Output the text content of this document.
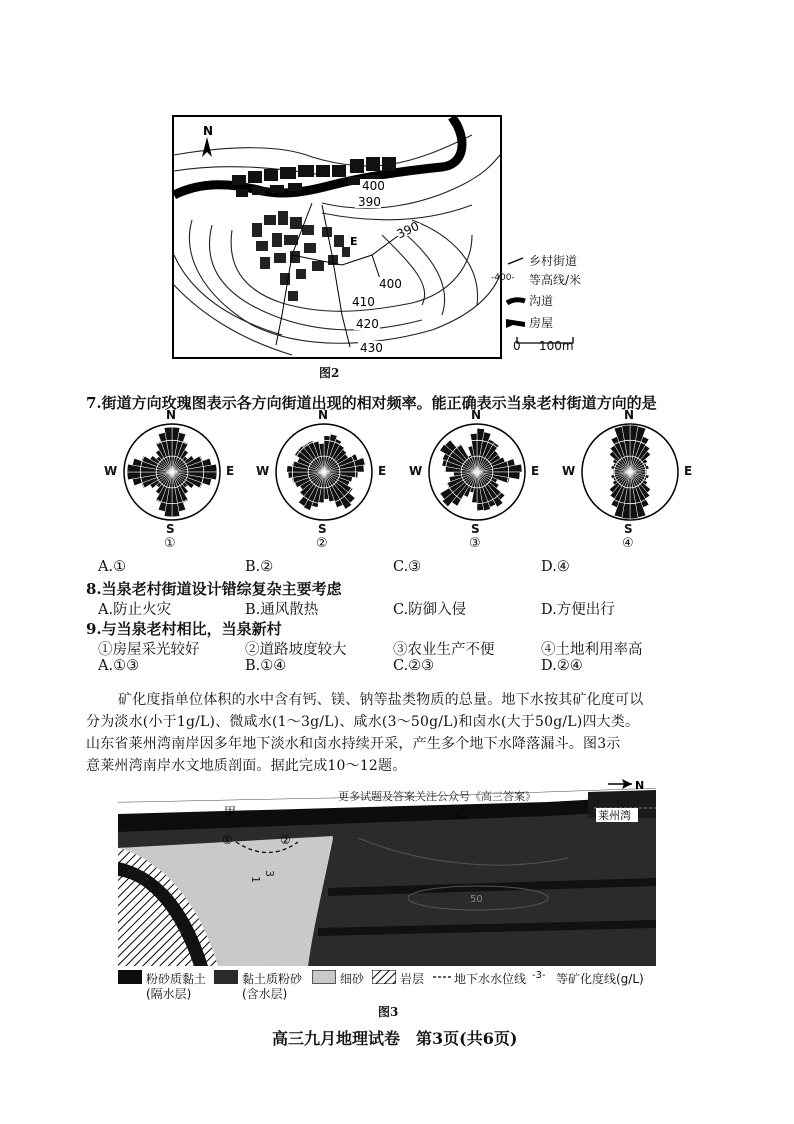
N
400
390
390
400
410
420
430
E
乡村街道
-400- 等高线/米
沟道
房屋
0 100m
图2
7.街道方向玫瑰图表示各方向街道出现的相对频率。能正确表示当泉老村街道方向的是
N
S
W	E
①
N
S
W	E
②
N
S
W	E
③
N
S
W	E
④
A.①	B.②	C.③	D.④
8.当泉老村街道设计错综复杂主要考虑
A.防止火灾	B.通风散热	C.防御入侵	D.方便出行
9.与当泉老村相比，当泉新村
①房屋采光较好	②道路坡度较大	③农业生产不便	④土地利用率高
A.①③	B.①④	C.②③	D.②④
矿化度指单位体积的水中含有钙、镁、钠等盐类物质的总量。地下水按其矿化度可以
分为淡水(小于1g/L)、微咸水(1～3g/L)、咸水(3～50g/L)和卤水(大于50g/L)四大类。
山东省莱州湾南岸因多年地下淡水和卤水持续开采，产生多个地下水降落漏斗。图3示
意莱州湾南岸水文地质剖面。据此完成10～12题。
①	②
1
3
50
更多试题及答案关注公众号《高三答案》
甲	乙	莱州湾
N
粉砂质黏土
(隔水层)
黏土质粉砂
(含水层)
细砂	岩层 地下水水位线 -3- 等矿化度线(g/L)
图3
高三九月地理试卷　第3页(共6页)
